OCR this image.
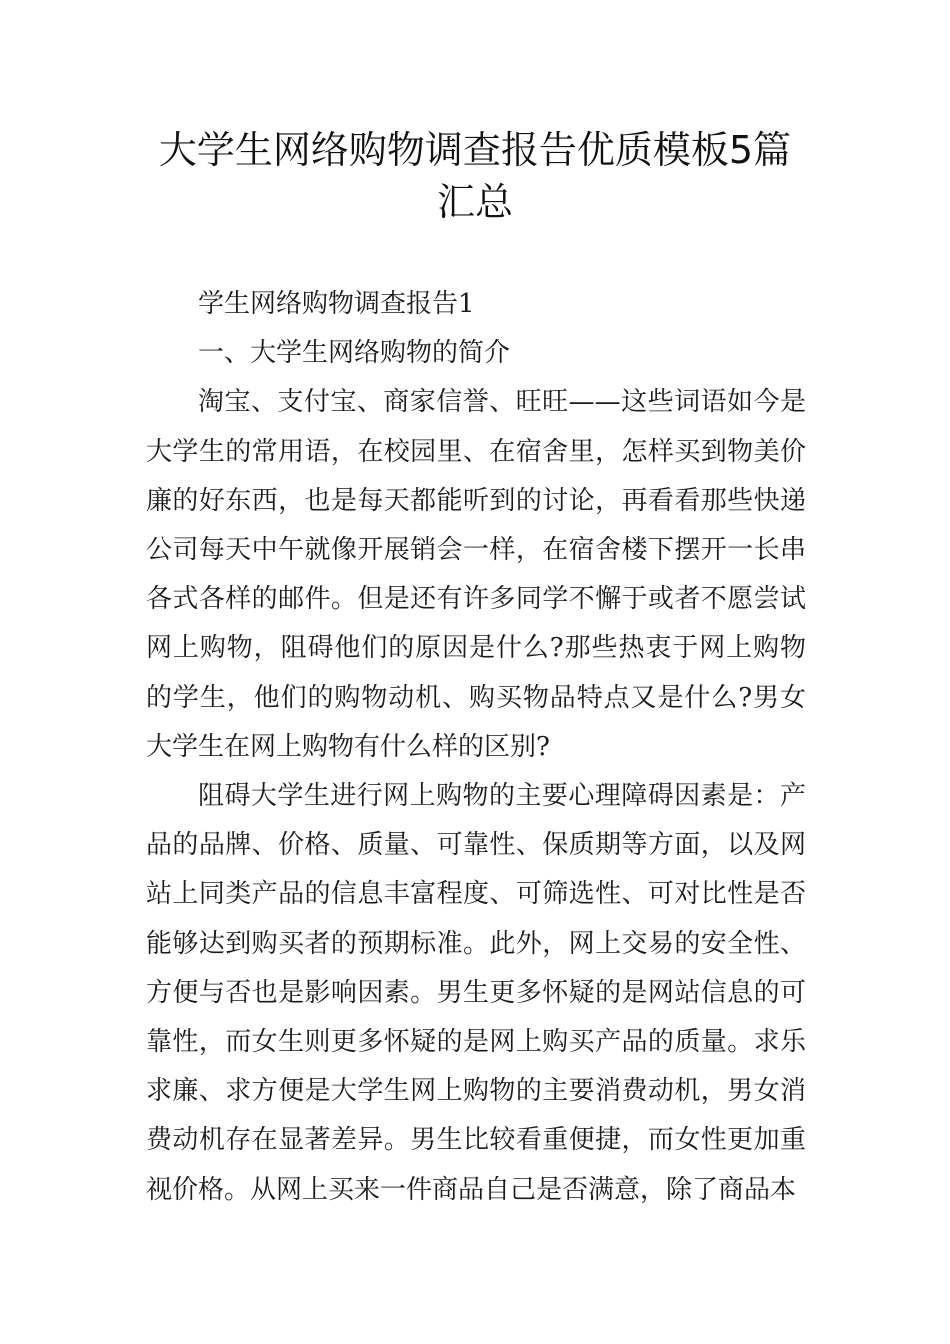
大学生网络购物调查报告优质模板5篇汇总

学生网络购物调查报告1

一、大学生网络购物的简介

淘宝、支付宝、商家信誉、旺旺——这些词语如今是大学生的常用语，在校园里、在宿舍里，怎样买到物美价廉的好东西，也是每天都能听到的讨论，再看看那些快递公司每天中午就像开展销会一样，在宿舍楼下摆开一长串各式各样的邮件。但是还有许多同学不懈于或者不愿尝试网上购物，阻碍他们的原因是什么?那些热衷于网上购物的学生，他们的购物动机、购买物品特点又是什么?男女大学生在网上购物有什么样的区别?

阻碍大学生进行网上购物的主要心理障碍因素是：产品的品牌、价格、质量、可靠性、保质期等方面，以及网站上同类产品的信息丰富程度、可筛选性、可对比性是否能够达到购买者的预期标准。此外，网上交易的安全性、方便与否也是影响因素。男生更多怀疑的是网站信息的可靠性，而女生则更多怀疑的是网上购买产品的质量。求乐求廉、求方便是大学生网上购物的主要消费动机，男女消费动机存在显著差异。男生比较看重便捷，而女性更加重视价格。从网上买来一件商品自己是否满意，除了商品本
